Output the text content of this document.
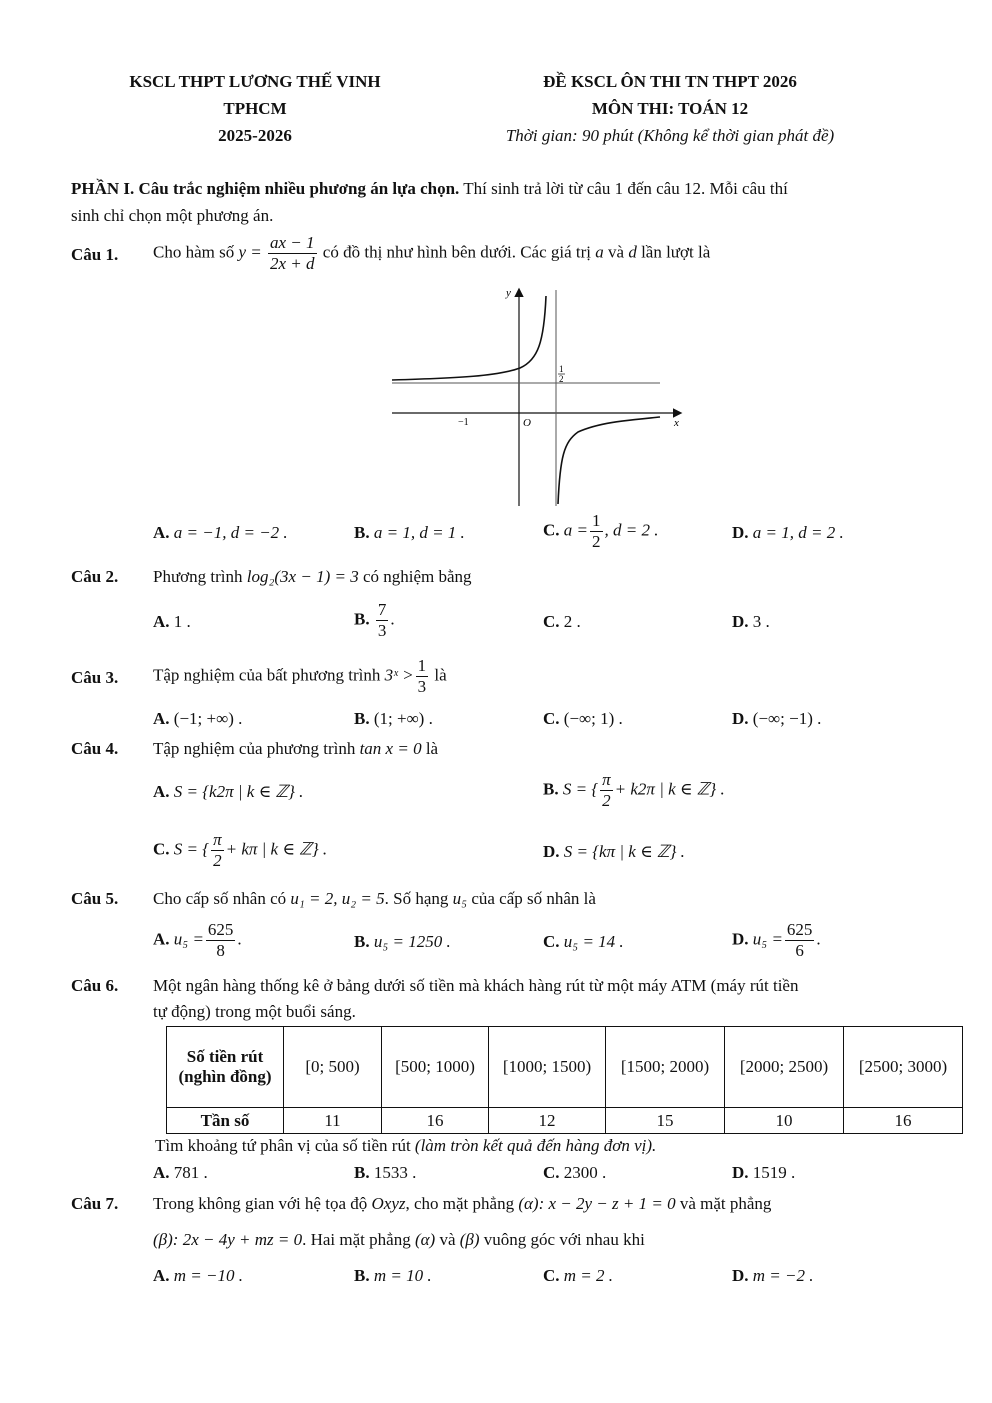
KSCL THPT LƯƠNG THẾ VINH
TPHCM
2025-2026
ĐỀ KSCL ÔN THI TN THPT 2026
MÔN THI: TOÁN 12
Thời gian: 90 phút (Không kể thời gian phát đề)
PHẦN I. Câu trắc nghiệm nhiều phương án lựa chọn. Thí sinh trả lời từ câu 1 đến câu 12. Mỗi câu thí
sinh chỉ chọn một phương án.
Câu 1. Cho hàm số $y = \frac{ax - 1}{2x + d}$ có đồ thị như hình bên dưới. Các giá trị a và d lần lượt là
y
x
O
−1
1
2
A. a = −1, d = −2 .	B. a = 1, d = 1 .	C. $a = \frac{1}{2}$ , d = 2 .	D. a = 1, d = 2 .
Câu 2. Phương trình log₂(3x − 1) = 3 có nghiệm bằng
A. 1 .	B. $\frac{7}{3}$ .	C. 2 .	D. 3 .
Câu 3. Tập nghiệm của bất phương trình 3ˣ > $\frac{1}{3}$ là
A. (−1; +∞) .	B. (1; +∞) .	C. (−∞; 1) .	D. (−∞; −1) .
Câu 4. Tập nghiệm của phương trình tan x = 0 là
A. S = {k2π | k ∈ ℤ} .	B. S = { $\frac{\pi}{2} + k2\pi$ | k ∈ ℤ} .
C. S = { $\frac{\pi}{2} + k\pi$ | k ∈ ℤ} .	D. S = {kπ | k ∈ ℤ} .
Câu 5. Cho cấp số nhân có u₁ = 2, u₂ = 5. Số hạng u₅ của cấp số nhân là
A. $u_5 = \frac{625}{8}$ .	B. u₅ = 1250 .	C. u₅ = 14 .	D. $u_5 = \frac{625}{6}$ .
Câu 6. Một ngân hàng thống kê ở bảng dưới số tiền mà khách hàng rút từ một máy ATM (máy rút tiền
tự động) trong một buổi sáng.
Số tiền rút (nghìn đồng)	[0; 500)	[500; 1000)	[1000; 1500)	[1500; 2000)	[2000; 2500)	[2500; 3000)
Tần số	11	16	12	15	10	16
Tìm khoảng tứ phân vị của số tiền rút (làm tròn kết quả đến hàng đơn vị).
A. 781 .	B. 1533 .	C. 2300 .	D. 1519 .
Câu 7. Trong không gian với hệ tọa độ Oxyz, cho mặt phẳng (α): x − 2y − z + 1 = 0 và mặt phẳng
(β): 2x − 4y + mz = 0. Hai mặt phẳng (α) và (β) vuông góc với nhau khi
A. m = −10 .	B. m = 10 .	C. m = 2 .	D. m = −2 .
